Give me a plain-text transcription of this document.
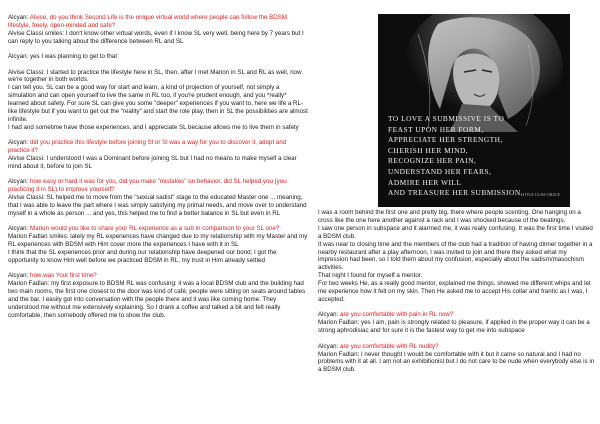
Alcyan: Alvise, do you think Second Life is the unique virtual world where people can follow the BDSM lifestyle, freely, open-minded and safe?
Alvise Classi smiles: I don't know other virtual words, even if I know SL very well, being here by 7 years but I can reply to you talking about the difference between RL and SL
Alcyan: yes I was planning to get to that
Alvise Classi: I started to practice the lifestyle here in SL, then, after I met Marion in SL and RL as well, now we're together in both worlds.
I can tell you, SL can be a good way for start and learn, a kind of projection of yourself, not simply a simulation and can open yourself to live the same in RL too, if you're prudent enough, and you *really* learned about safety. For sure SL can give you some "deeper" experiences if you want to, here we life a RL-like lifestyle but if you want to get out the "reality" and start the role play, then in SL the possibilities are almost infinite.
I had and sometime have those experiences, and I appreciate SL because allows me to live them in safety
Alcyan: did you practice this lifestyle before joining Sl or Sl was a way for you to discover it, adopt and practice it?
Alvise Classi: I understood I was a Dominant before joining SL but I had no means to make myself a clear mind about it, before to join SL
Alcyan: how easy or hard it was for you, did you make "mistakes" on behavior, did SL helped you (you practicing it in SL) to improve yourself?
Alvise Classi: SL helped me to move from the "sexual sadist" stage to the educated Master one ... meaning, that I was able to leave the part where I was simply satisfying my primal needs, and move over to understand myself in a whole as person ... and yes, this helped me to find a better balance in SL but even in RL
Alcyan: Marion would you like to share your RL experience as a sub in comparison to your SL one?
Marion Fadlan smiles: lately my RL experiences have changed due to my relationship with my Master and my RL experiences with BDSM with Him cover more the experiences I have with it in SL
I think that the SL experiences prior and during our relationship have deepened our bond; I got the opportunity to know Him well before we practiced BDSM in RL, my trust in Him already settled
Alcyan: how was Your first time?
Marion Fadlan: my first exposure to BDSM RL was confusing: it was a local BDSM club and the building had two main rooms, the first one closest to the door was kind of café; people were sitting on seats around tables and the bar. I easily got into conversation with the people there and it was like coming home. They understood me without me extensively explaining. So I drank a coffee and talked a bit and felt really comfortable, then somebody offered me to show the club.
I was a room behind the first one and pretty big, there where people scenting. One hanging on a cross like the one here another against a rack and I was shocked because of the beatings.
I saw one person in subspace and it alarmed me, it was really confusing. It was the first time I visited a BDSM club.
It was near to closing time and the members of the club had a tradition of having dinner together in a nearby restaurant after a play afternoon, I was invited to join and there they asked what my impression had been, so I told them about my confusion, especially about the sadism/masochism activities.
That night I found for myself a mentor.
For two weeks He, as a really good mentor, explained me things, showed me different whips and let me experience how it felt on my skin. Then He asked me to accept His collar and frantic as I was, I accepted.
Alcyan: are you comfortable with pain in RL now?
Marion Fadlan: yes I am, pain is strongly related to pleasure, if applied in the proper way it can be a strong aphrodisiac and for sure it is the fastest way to get me into subspace
Alcyan: are you comfortable with RL nudity?
Marion Fadlan: I never thought I would be comfortable with it but it came so natural and I had no problems with it at all. I am not an exhibitionist but I do not care to be nude when everybody else is in a BDSM club.
TO LOVE A SUBMISSIVE IS TO
FEAST UPON HER FORM,
APPRECIATE HER STRENGTH,
CHERISH HER MIND,
RECOGNIZE HER PAIN,
UNDERSTAND HER FEARS,
ADMIRE HER WILL
AND TREASURE HER SUBMISSION.
~ LITTLE·CLAW·GRACE
